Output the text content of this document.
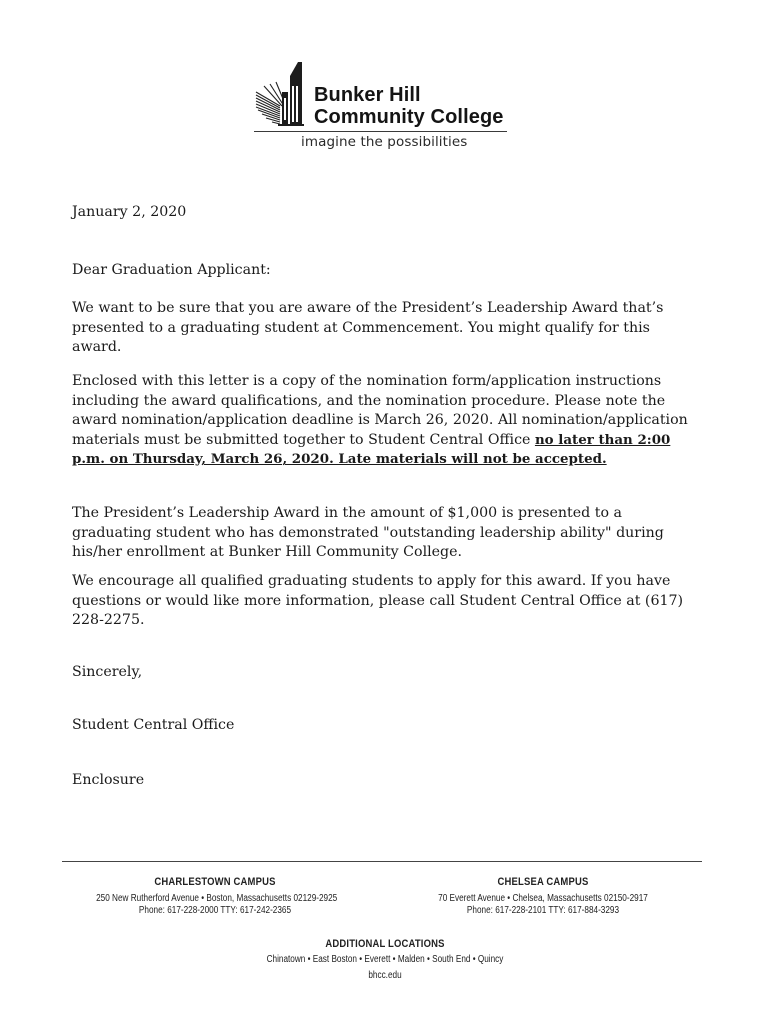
Bunker Hill
Community College
imagine the possibilities

January 2, 2020

Dear Graduation Applicant:

We want to be sure that you are aware of the President’s Leadership Award that’s presented to a graduating student at Commencement. You might qualify for this award.

Enclosed with this letter is a copy of the nomination form/application instructions including the award qualifications, and the nomination procedure. Please note the award nomination/application deadline is March 26, 2020. All nomination/application materials must be submitted together to Student Central Office no later than 2:00 p.m. on Thursday, March 26, 2020. Late materials will not be accepted.

The President’s Leadership Award in the amount of $1,000 is presented to a graduating student who has demonstrated "outstanding leadership ability" during his/her enrollment at Bunker Hill Community College.

We encourage all qualified graduating students to apply for this award. If you have questions or would like more information, please call Student Central Office at (617) 228-2275.

Sincerely,

Student Central Office

Enclosure

CHARLESTOWN CAMPUS
250 New Rutherford Avenue • Boston, Massachusetts 02129-2925
Phone: 617-228-2000 TTY: 617-242-2365
CHELSEA CAMPUS
70 Everett Avenue • Chelsea, Massachusetts 02150-2917
Phone: 617-228-2101 TTY: 617-884-3293
ADDITIONAL LOCATIONS
Chinatown • East Boston • Everett • Malden • South End • Quincy
bhcc.edu
